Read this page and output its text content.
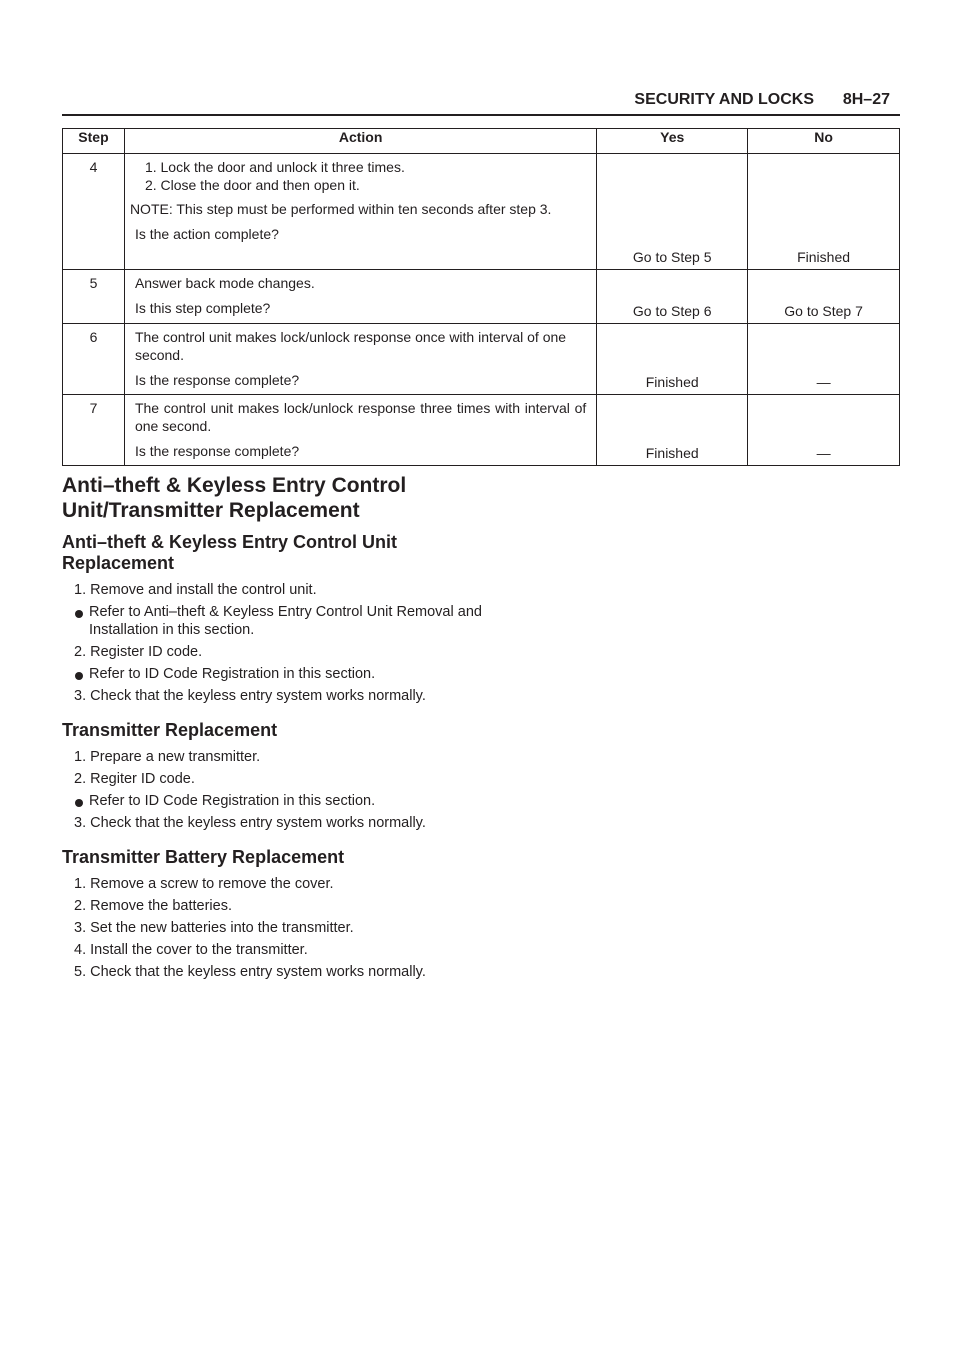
SECURITY AND LOCKS 8H–27
Step	Action	Yes	No
4	1. Lock the door and unlock it three times.
2. Close the door and then open it.
NOTE: This step must be performed within ten seconds after step 3.
Is the action complete?	Go to Step 5	Finished
5	Answer back mode changes.
Is this step complete?	Go to Step 6	Go to Step 7
6	The control unit makes lock/unlock response once with interval of one second.
Is the response complete?	Finished	—
7	The control unit makes lock/unlock response three times with interval of one second.
Is the response complete?	Finished	—
Anti–theft & Keyless Entry Control Unit/Transmitter Replacement
Anti–theft & Keyless Entry Control Unit Replacement
1. Remove and install the control unit.
Refer to Anti–theft & Keyless Entry Control Unit Removal and Installation in this section.
2. Register ID code.
Refer to ID Code Registration in this section.
3. Check that the keyless entry system works normally.
Transmitter Replacement
1. Prepare a new transmitter.
2. Regiter ID code.
Refer to ID Code Registration in this section.
3. Check that the keyless entry system works normally.
Transmitter Battery Replacement
1. Remove a screw to remove the cover.
2. Remove the batteries.
3. Set the new batteries into the transmitter.
4. Install the cover to the transmitter.
5. Check that the keyless entry system works normally.
